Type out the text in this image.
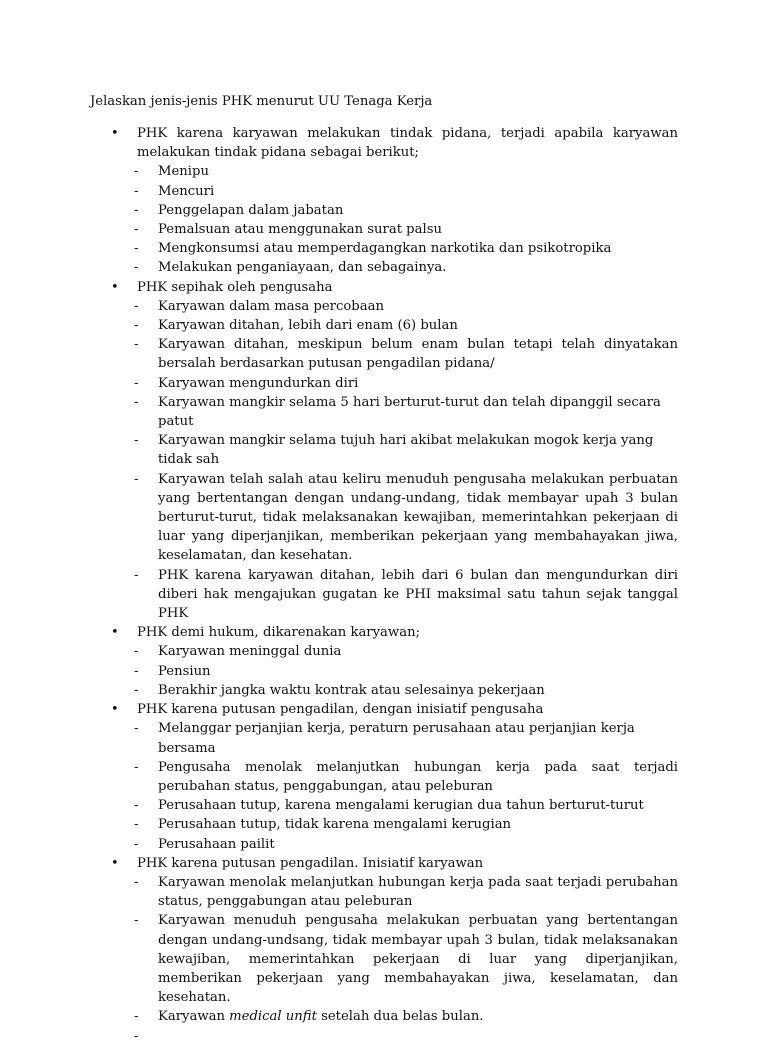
Jelaskan jenis-jenis PHK menurut UU Tenaga Kerja
• PHK karena karyawan melakukan tindak pidana, terjadi apabila karyawan melakukan tindak pidana sebagai berikut;
- Menipu
- Mencuri
- Penggelapan dalam jabatan
- Pemalsuan atau menggunakan surat palsu
- Mengkonsumsi atau memperdagangkan narkotika dan psikotropika
- Melakukan penganiayaan, dan sebagainya.
• PHK sepihak oleh pengusaha
- Karyawan dalam masa percobaan
- Karyawan ditahan, lebih dari enam (6) bulan
- Karyawan ditahan, meskipun belum enam bulan tetapi telah dinyatakan bersalah berdasarkan putusan pengadilan pidana/
- Karyawan mengundurkan diri
- Karyawan mangkir selama 5 hari berturut-turut dan telah dipanggil secara patut
- Karyawan mangkir selama tujuh hari akibat melakukan mogok kerja yang tidak sah
- Karyawan telah salah atau keliru menuduh pengusaha melakukan perbuatan yang bertentangan dengan undang-undang, tidak membayar upah 3 bulan berturut-turut, tidak melaksanakan kewajiban, memerintahkan pekerjaan di luar yang diperjanjikan, memberikan pekerjaan yang membahayakan jiwa, keselamatan, dan kesehatan.
- PHK karena karyawan ditahan, lebih dari 6 bulan dan mengundurkan diri diberi hak mengajukan gugatan ke PHI maksimal satu tahun sejak tanggal PHK
• PHK demi hukum, dikarenakan karyawan;
- Karyawan meninggal dunia
- Pensiun
- Berakhir jangka waktu kontrak atau selesainya pekerjaan
• PHK karena putusan pengadilan, dengan inisiatif pengusaha
- Melanggar perjanjian kerja, peraturn perusahaan atau perjanjian kerja bersama
- Pengusaha menolak melanjutkan hubungan kerja pada saat terjadi perubahan status, penggabungan, atau peleburan
- Perusahaan tutup, karena mengalami kerugian dua tahun berturut-turut
- Perusahaan tutup, tidak karena mengalami kerugian
- Perusahaan pailit
• PHK karena putusan pengadilan. Inisiatif karyawan
- Karyawan menolak melanjutkan hubungan kerja pada saat terjadi perubahan status, penggabungan atau peleburan
- Karyawan menuduh pengusaha melakukan perbuatan yang bertentangan dengan undang-undsang, tidak membayar upah 3 bulan, tidak melaksanakan kewajiban, memerintahkan pekerjaan di luar yang diperjanjikan, memberikan pekerjaan yang membahayakan jiwa, keselamatan, dan kesehatan.
- Karyawan medical unfit setelah dua belas bulan.
-
